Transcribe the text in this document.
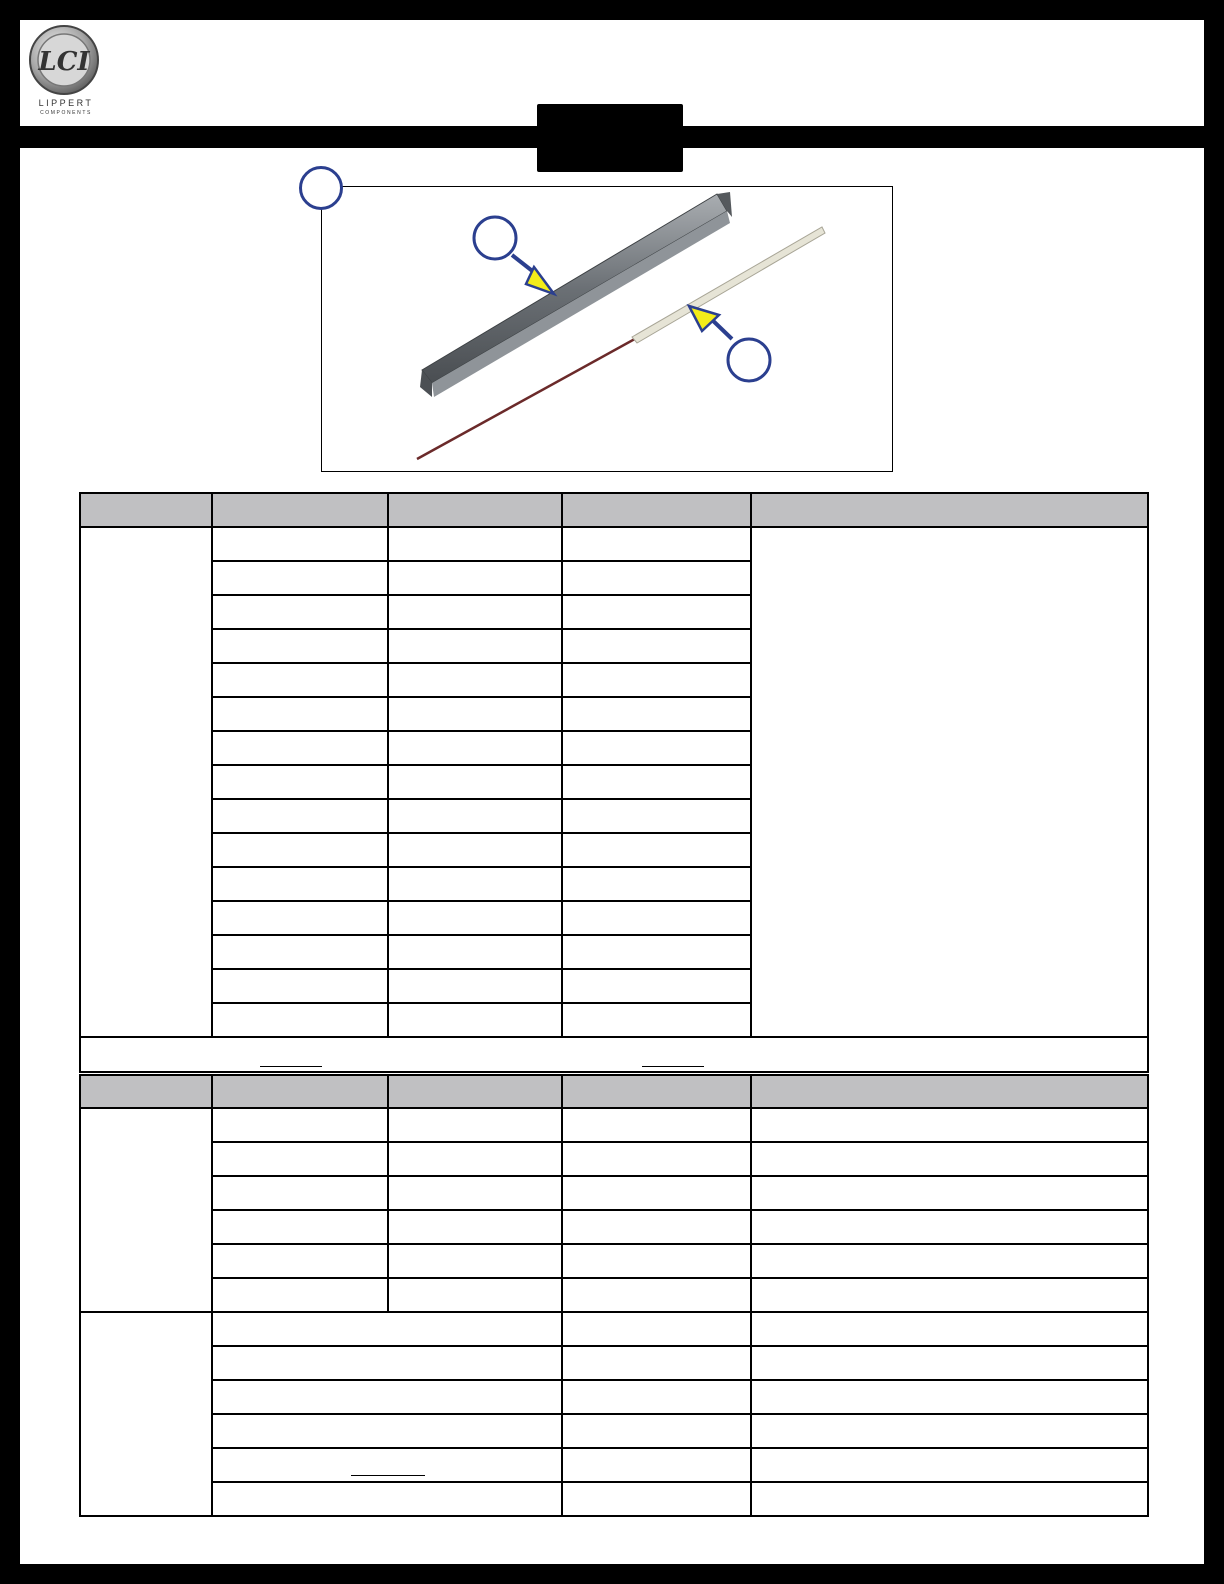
LCI
LIPPERT
COMPONENTS
